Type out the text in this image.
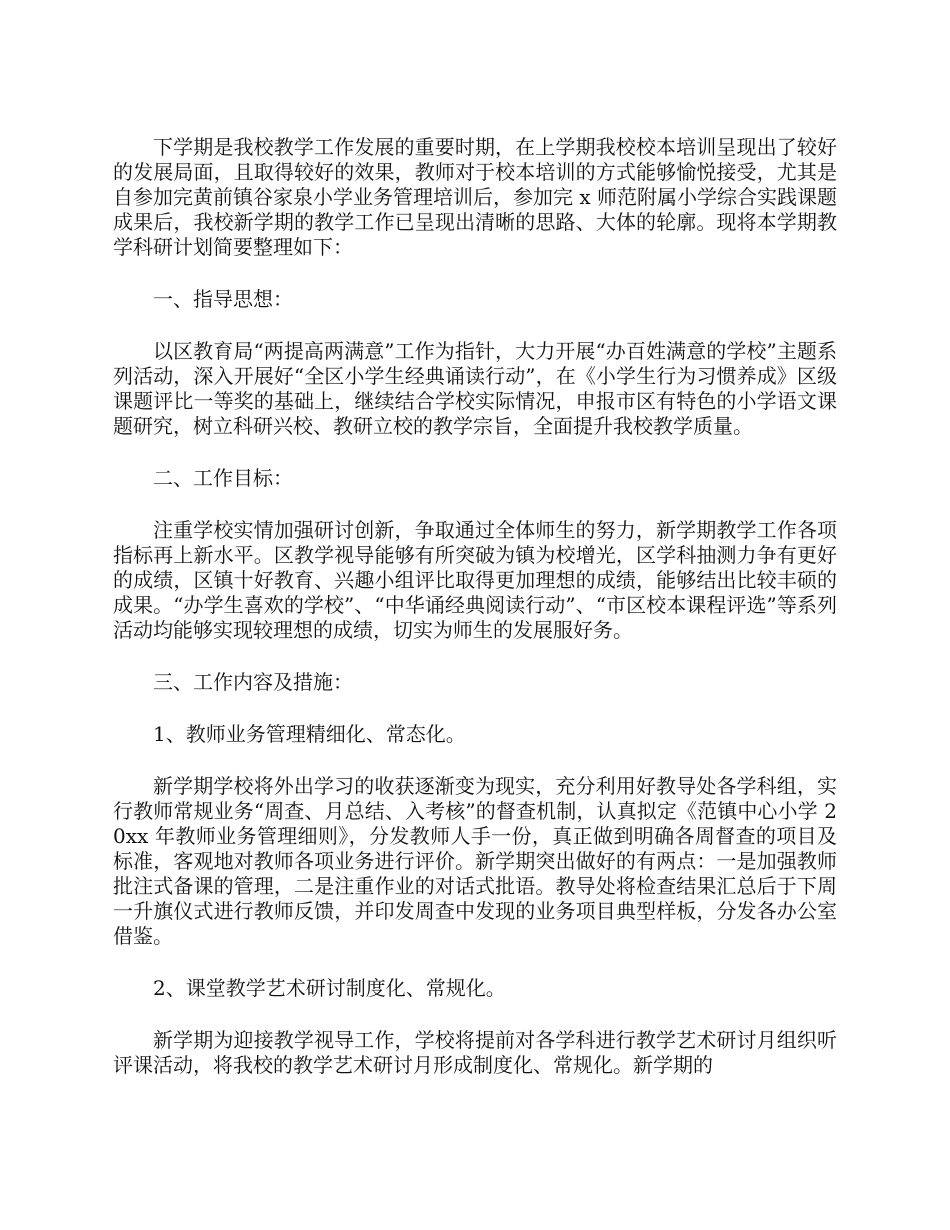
下学期是我校教学工作发展的重要时期，在上学期我校校本培训呈现出了较好的发展局面，且取得较好的效果，教师对于校本培训的方式能够愉悦接受，尤其是自参加完黄前镇谷家泉小学业务管理培训后，参加完 x 师范附属小学综合实践课题成果后，我校新学期的教学工作已呈现出清晰的思路、大体的轮廓。现将本学期教学科研计划简要整理如下：

一、指导思想：

以区教育局“两提高两满意”工作为指针，大力开展“办百姓满意的学校”主题系列活动，深入开展好“全区小学生经典诵读行动”，在《小学生行为习惯养成》区级课题评比一等奖的基础上，继续结合学校实际情况，申报市区有特色的小学语文课题研究，树立科研兴校、教研立校的教学宗旨，全面提升我校教学质量。

二、工作目标：

注重学校实情加强研讨创新，争取通过全体师生的努力，新学期教学工作各项指标再上新水平。区教学视导能够有所突破为镇为校增光，区学科抽测力争有更好的成绩，区镇十好教育、兴趣小组评比取得更加理想的成绩，能够结出比较丰硕的成果。“办学生喜欢的学校”、“中华诵经典阅读行动”、“市区校本课程评选”等系列活动均能够实现较理想的成绩，切实为师生的发展服好务。

三、工作内容及措施：

1、教师业务管理精细化、常态化。

新学期学校将外出学习的收获逐渐变为现实，充分利用好教导处各学科组，实行教师常规业务“周查、月总结、入考核”的督查机制，认真拟定《范镇中心小学 20xx 年教师业务管理细则》，分发教师人手一份，真正做到明确各周督查的项目及标准，客观地对教师各项业务进行评价。新学期突出做好的有两点：一是加强教师批注式备课的管理，二是注重作业的对话式批语。教导处将检查结果汇总后于下周一升旗仪式进行教师反馈，并印发周查中发现的业务项目典型样板，分发各办公室借鉴。

2、课堂教学艺术研讨制度化、常规化。

新学期为迎接教学视导工作，学校将提前对各学科进行教学艺术研讨月组织听评课活动，将我校的教学艺术研讨月形成制度化、常规化。新学期的
